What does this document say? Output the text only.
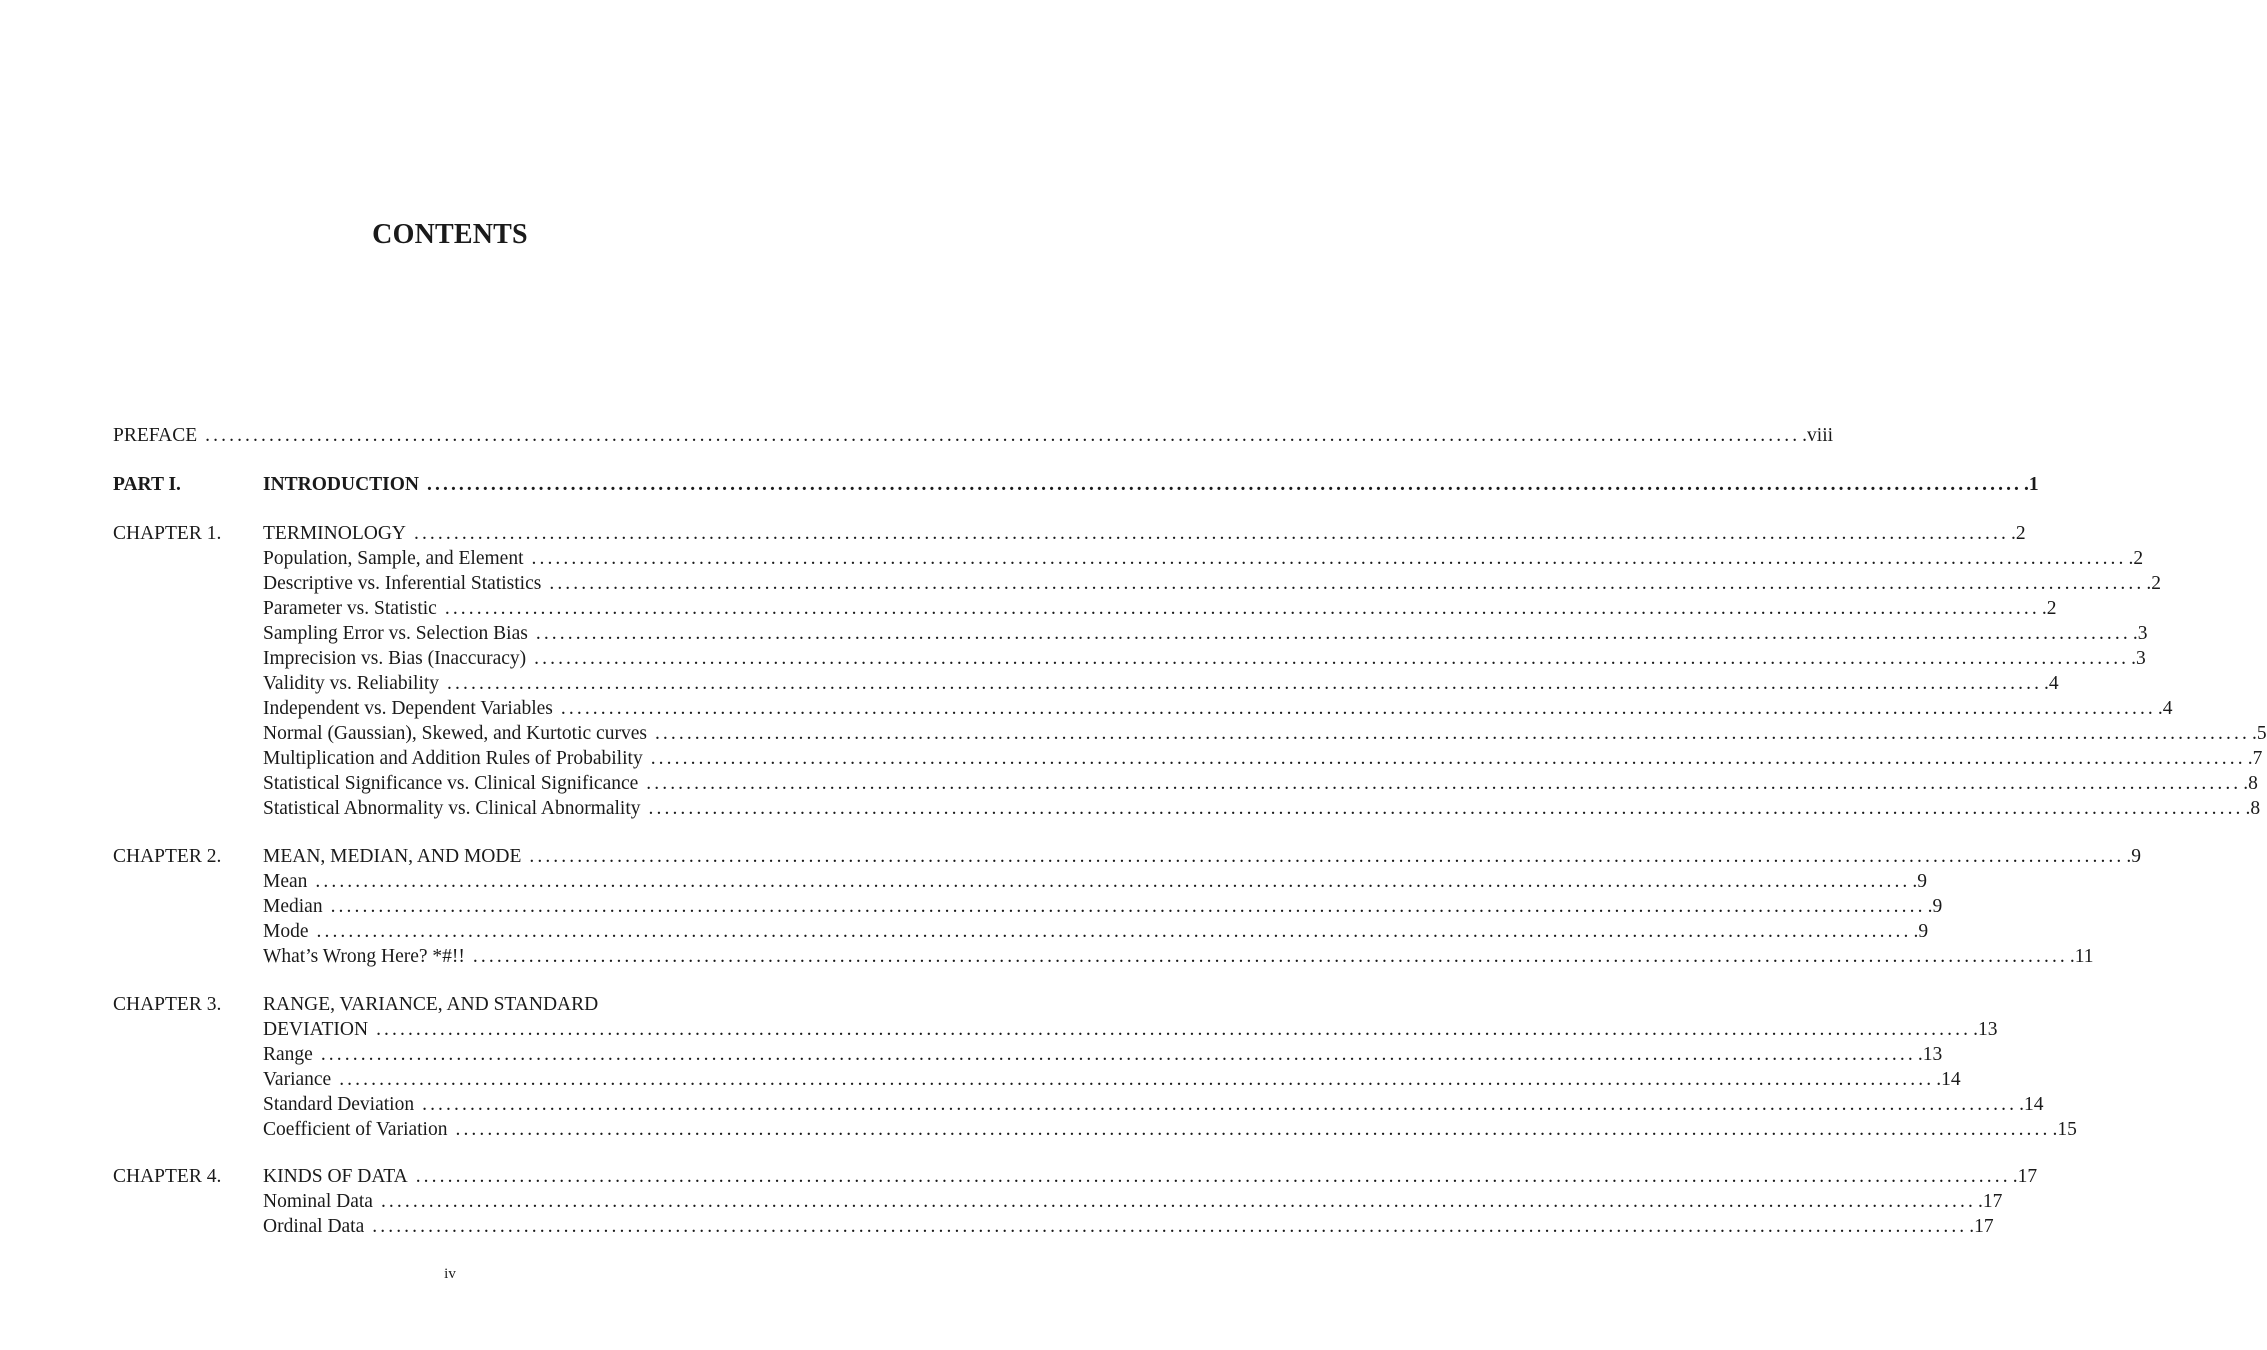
CONTENTS
PREFACE ........................................................................................................................................................................................................ .viii
PART I.	INTRODUCTION ........................................................................................................................................................................................................ .1
CHAPTER 1. TERMINOLOGY ........................................................................................................................................................................................................ .2
Population, Sample, and Element ........................................................................................................................................................................................................ .2
Descriptive vs. Inferential Statistics ........................................................................................................................................................................................................ .2
Parameter vs. Statistic ........................................................................................................................................................................................................ .2
Sampling Error vs. Selection Bias ........................................................................................................................................................................................................ .3
Imprecision vs. Bias (Inaccuracy) ........................................................................................................................................................................................................ .3
Validity vs. Reliability ........................................................................................................................................................................................................ .4
Independent vs. Dependent Variables ........................................................................................................................................................................................................ .4
Normal (Gaussian), Skewed, and Kurtotic curves ........................................................................................................................................................................................................ .5
Multiplication and Addition Rules of Probability ........................................................................................................................................................................................................ .7
Statistical Significance vs. Clinical Significance ........................................................................................................................................................................................................ .8
Statistical Abnormality vs. Clinical Abnormality ........................................................................................................................................................................................................ .8
CHAPTER 2. MEAN, MEDIAN, AND MODE ........................................................................................................................................................................................................ .9
Mean ........................................................................................................................................................................................................ .9
Median ........................................................................................................................................................................................................ .9
Mode ........................................................................................................................................................................................................ .9
What’s Wrong Here? *#!! ........................................................................................................................................................................................................ .11
CHAPTER 3. RANGE, VARIANCE, AND STANDARD
DEVIATION ........................................................................................................................................................................................................ .13
Range ........................................................................................................................................................................................................ .13
Variance ........................................................................................................................................................................................................ .14
Standard Deviation ........................................................................................................................................................................................................ .14
Coefficient of Variation ........................................................................................................................................................................................................ .15
CHAPTER 4. KINDS OF DATA ........................................................................................................................................................................................................ .17
Nominal Data ........................................................................................................................................................................................................ .17
Ordinal Data ........................................................................................................................................................................................................ .17
iv
